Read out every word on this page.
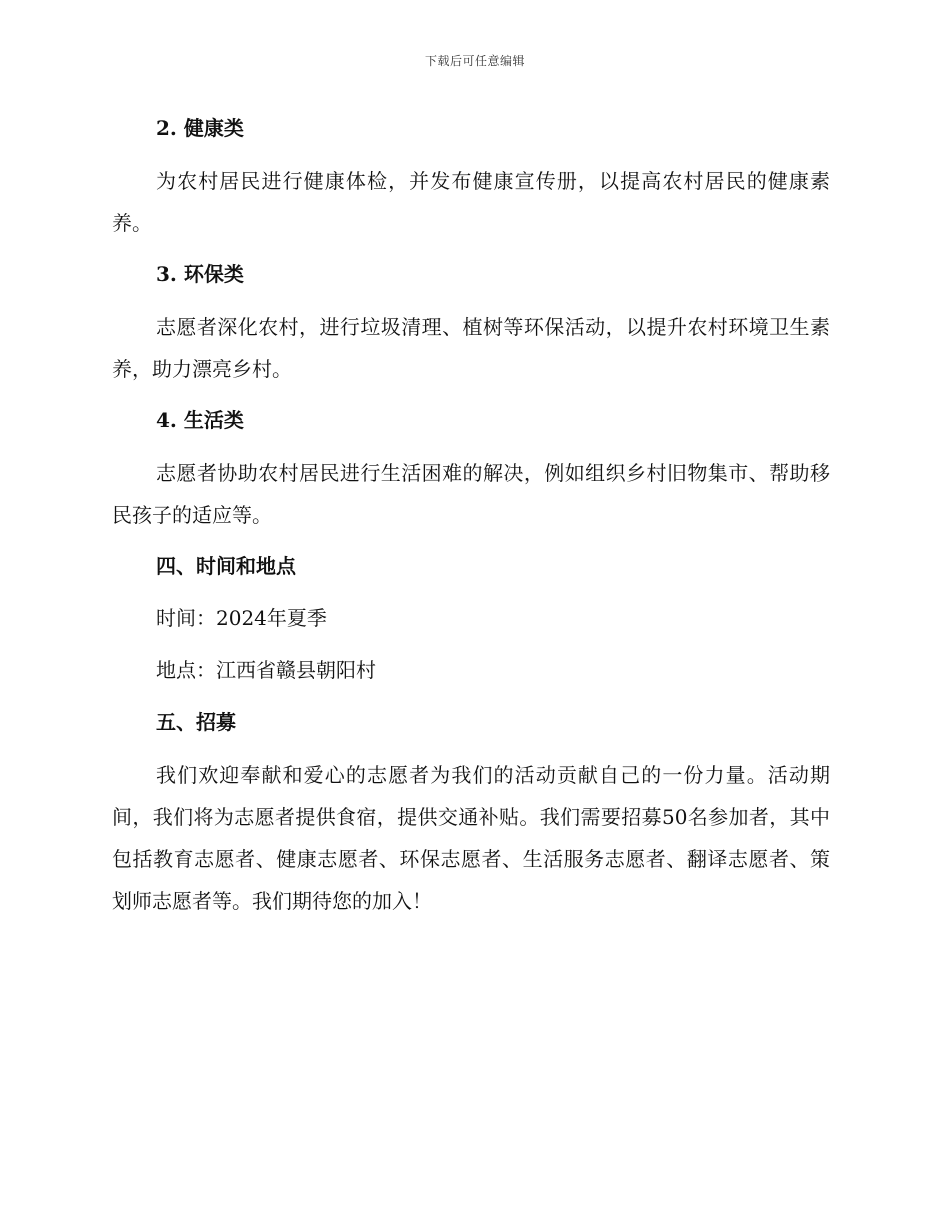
下载后可任意编辑
2. 健康类

为农村居民进行健康体检，并发布健康宣传册，以提高农村居民的健康素养。

3. 环保类

志愿者深化农村，进行垃圾清理、植树等环保活动，以提升农村环境卫生素养，助力漂亮乡村。

4. 生活类

志愿者协助农村居民进行生活困难的解决，例如组织乡村旧物集市、帮助移民孩子的适应等。

四、时间和地点
时间：2024年夏季
地点：江西省赣县朝阳村
五、招募

我们欢迎奉献和爱心的志愿者为我们的活动贡献自己的一份力量。活动期间，我们将为志愿者提供食宿，提供交通补贴。我们需要招募50名参加者，其中包括教育志愿者、健康志愿者、环保志愿者、生活服务志愿者、翻译志愿者、策划师志愿者等。我们期待您的加入！
